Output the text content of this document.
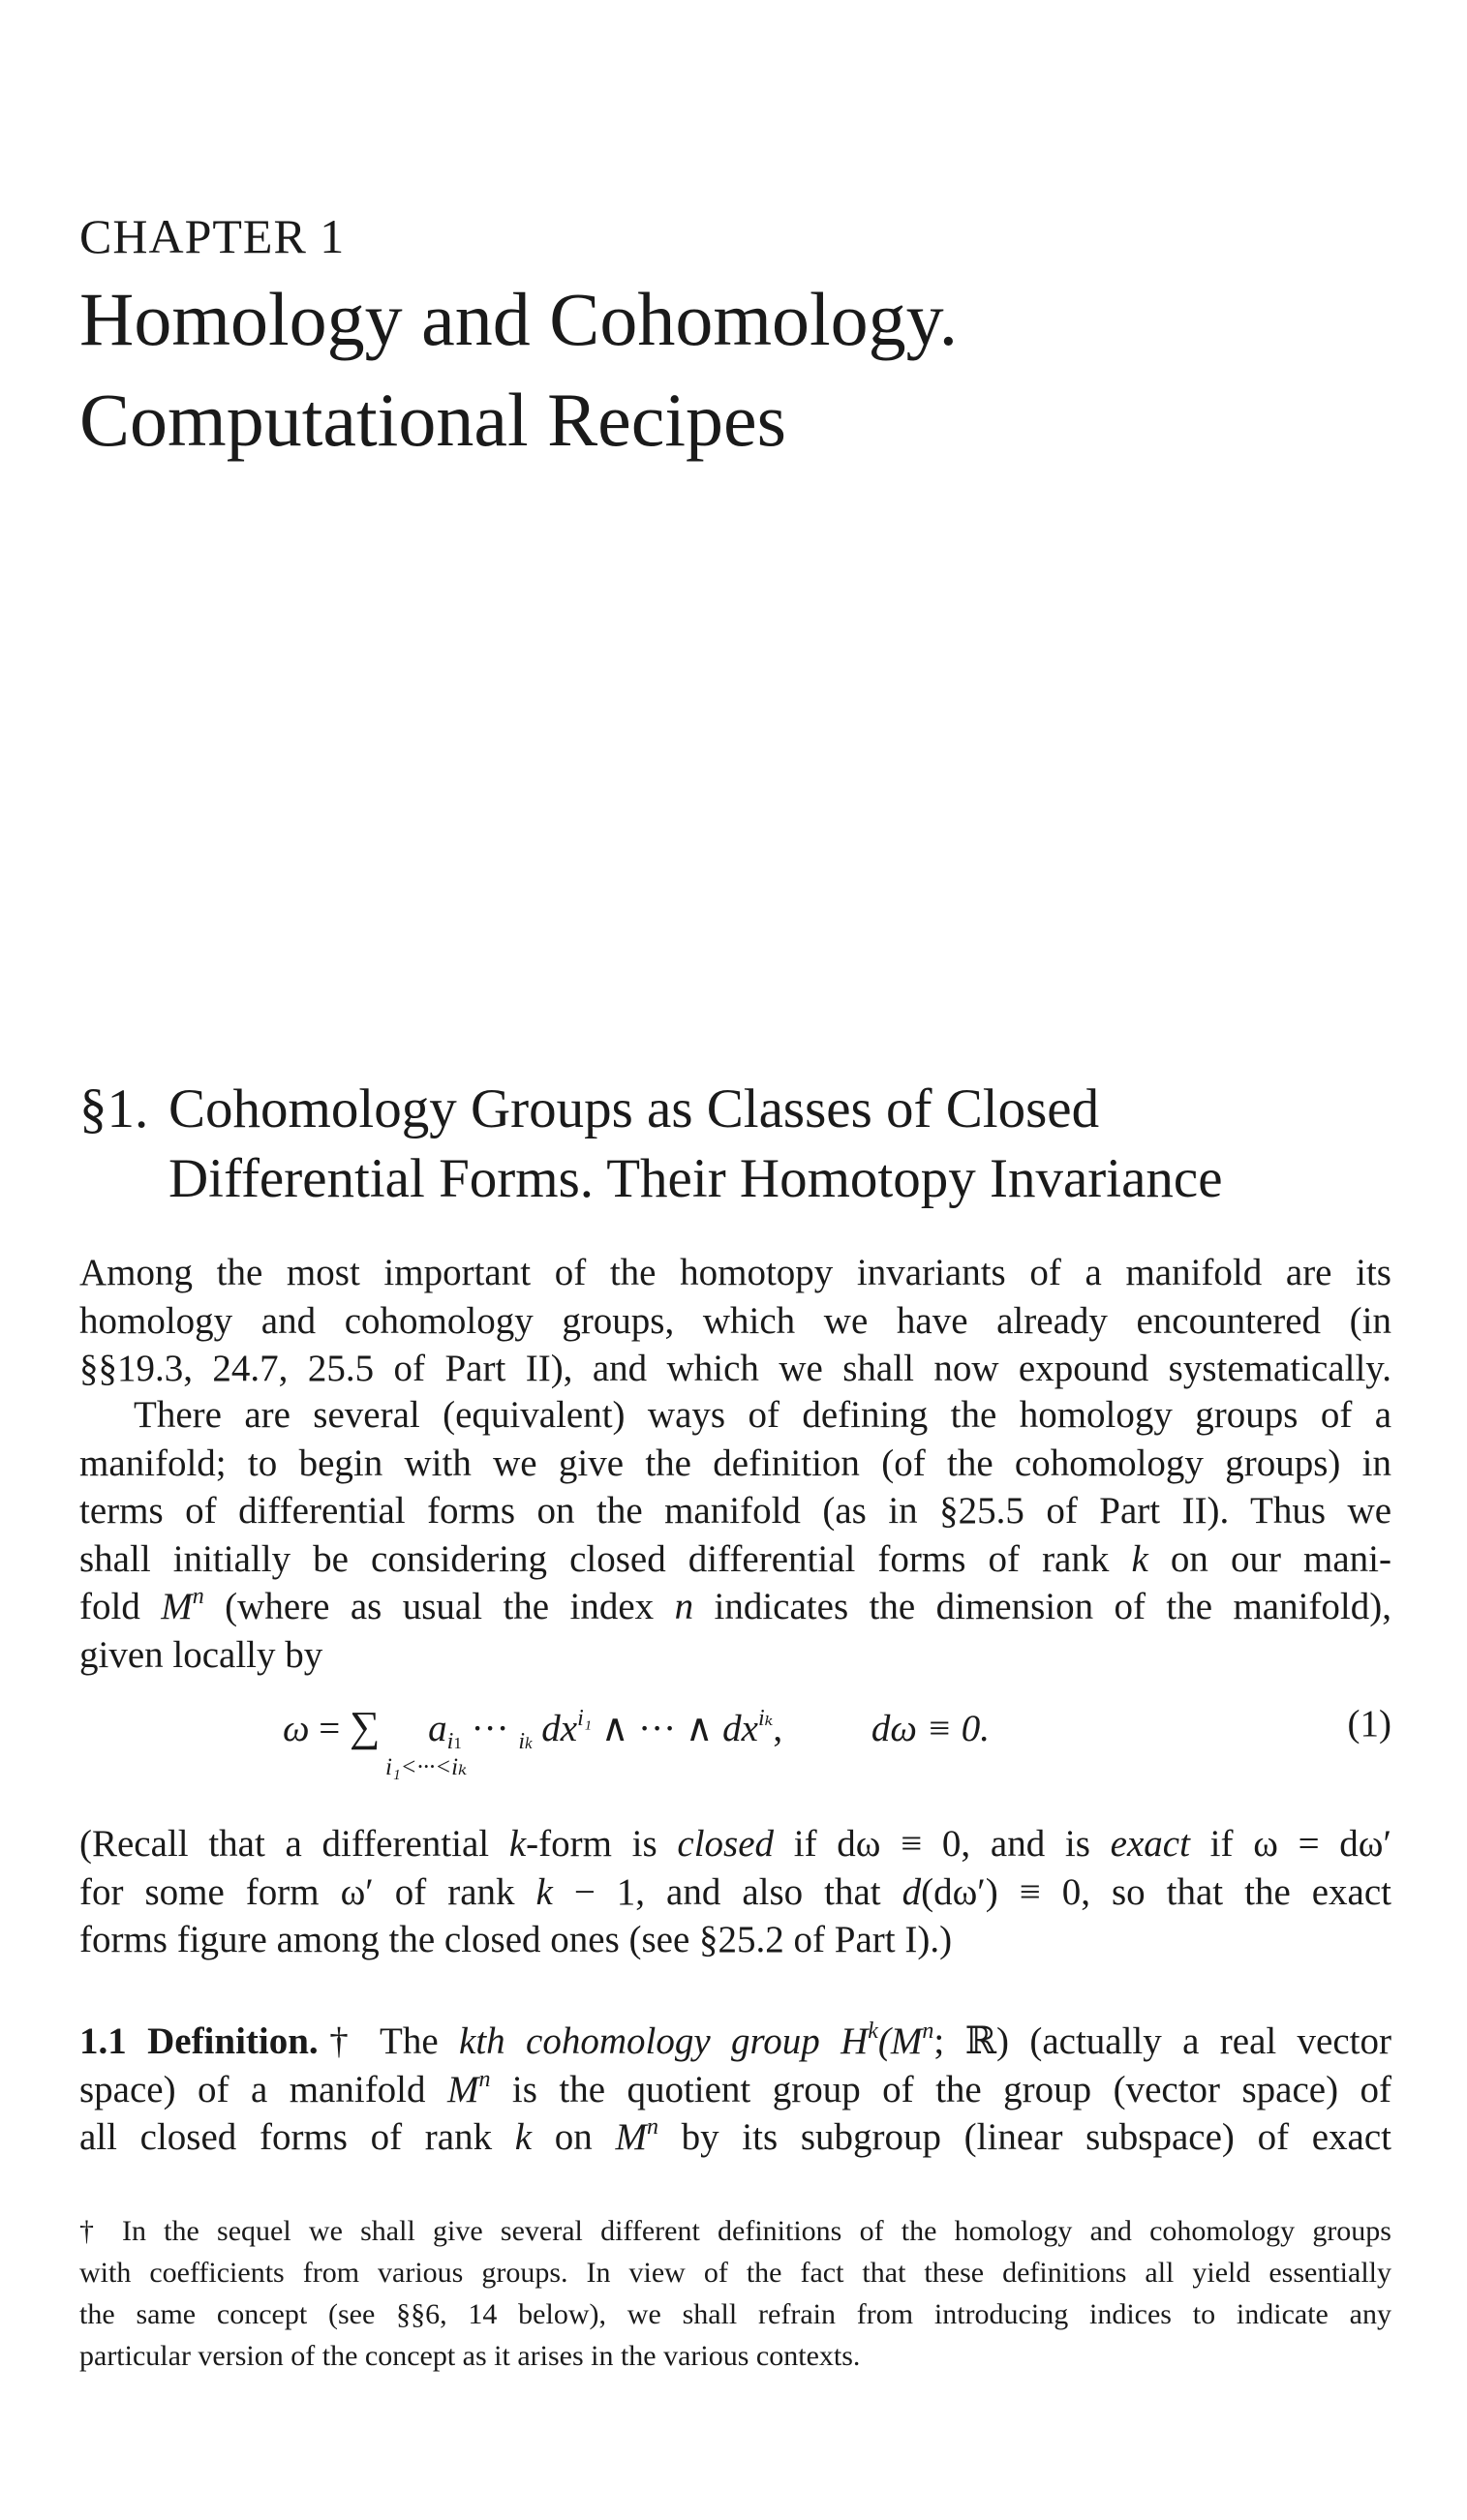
CHAPTER 1
Homology and Cohomology.
Computational Recipes
§1. Cohomology Groups as Classes of Closed
Differential Forms. Their Homotopy Invariance
Among the most important of the homotopy invariants of a manifold are its
homology and cohomology groups, which we have already encountered (in
§§19.3, 24.7, 25.5 of Part II), and which we shall now expound systematically.
There are several (equivalent) ways of defining the homology groups of a
manifold; to begin with we give the definition (of the cohomology groups) in
terms of differential forms on the manifold (as in §25.5 of Part II). Thus we
shall initially be considering closed differential forms of rank k on our mani-
fold $M^n$ (where as usual the index n indicates the dimension of the manifold),
given locally by
ω = ∑ $a_{i1}$ ··· $_{ik}$ $dx^{i_1}$ ∧ ··· ∧ $dx^{i_k}$, dω ≡ 0.
i₁<···<iₖ
(1)
(Recall that a differential k-form is closed if dω ≡ 0, and is exact if ω = dω′
for some form ω′ of rank k − 1, and also that d(dω′) ≡ 0, so that the exact
forms figure among the closed ones (see §25.2 of Part I).)
1.1 Definition.† The kth cohomology group $H^k(M^n$; ℝ) (actually a real vector
space) of a manifold $M^n$ is the quotient group of the group (vector space) of
all closed forms of rank k on $M^n$ by its subgroup (linear subspace) of exact
† In the sequel we shall give several different definitions of the homology and cohomology groups
with coefficients from various groups. In view of the fact that these definitions all yield essentially
the same concept (see §§6, 14 below), we shall refrain from introducing indices to indicate any
particular version of the concept as it arises in the various contexts.
